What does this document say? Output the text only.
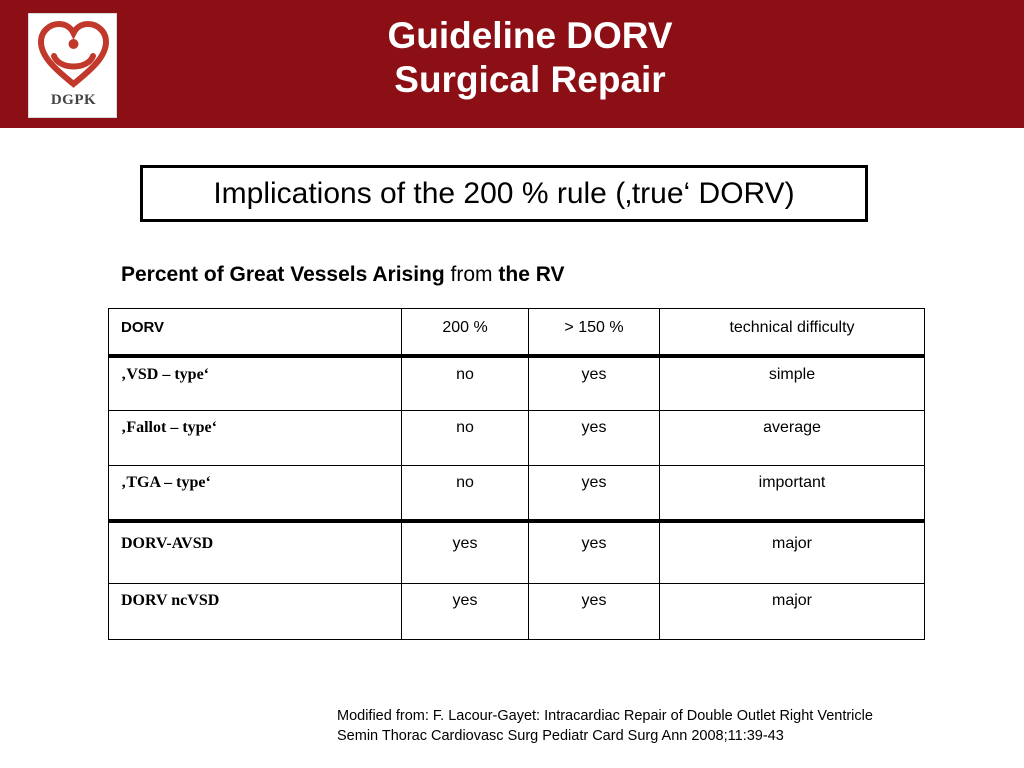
DGPK
Guideline DORV
Surgical Repair
Implications of the 200 % rule (‚true‘ DORV)
Percent of Great Vessels Arising from the RV
DORV	200 %	> 150 %	technical difficulty
‚VSD – type‘	no	yes	simple
‚Fallot – type‘	no	yes	average
‚TGA – type‘	no	yes	important
DORV-AVSD	yes	yes	major
DORV ncVSD	yes	yes	major
Modified from: F. Lacour-Gayet: Intracardiac Repair of Double Outlet Right Ventricle
Semin Thorac Cardiovasc Surg Pediatr Card Surg Ann 2008;11:39-43
